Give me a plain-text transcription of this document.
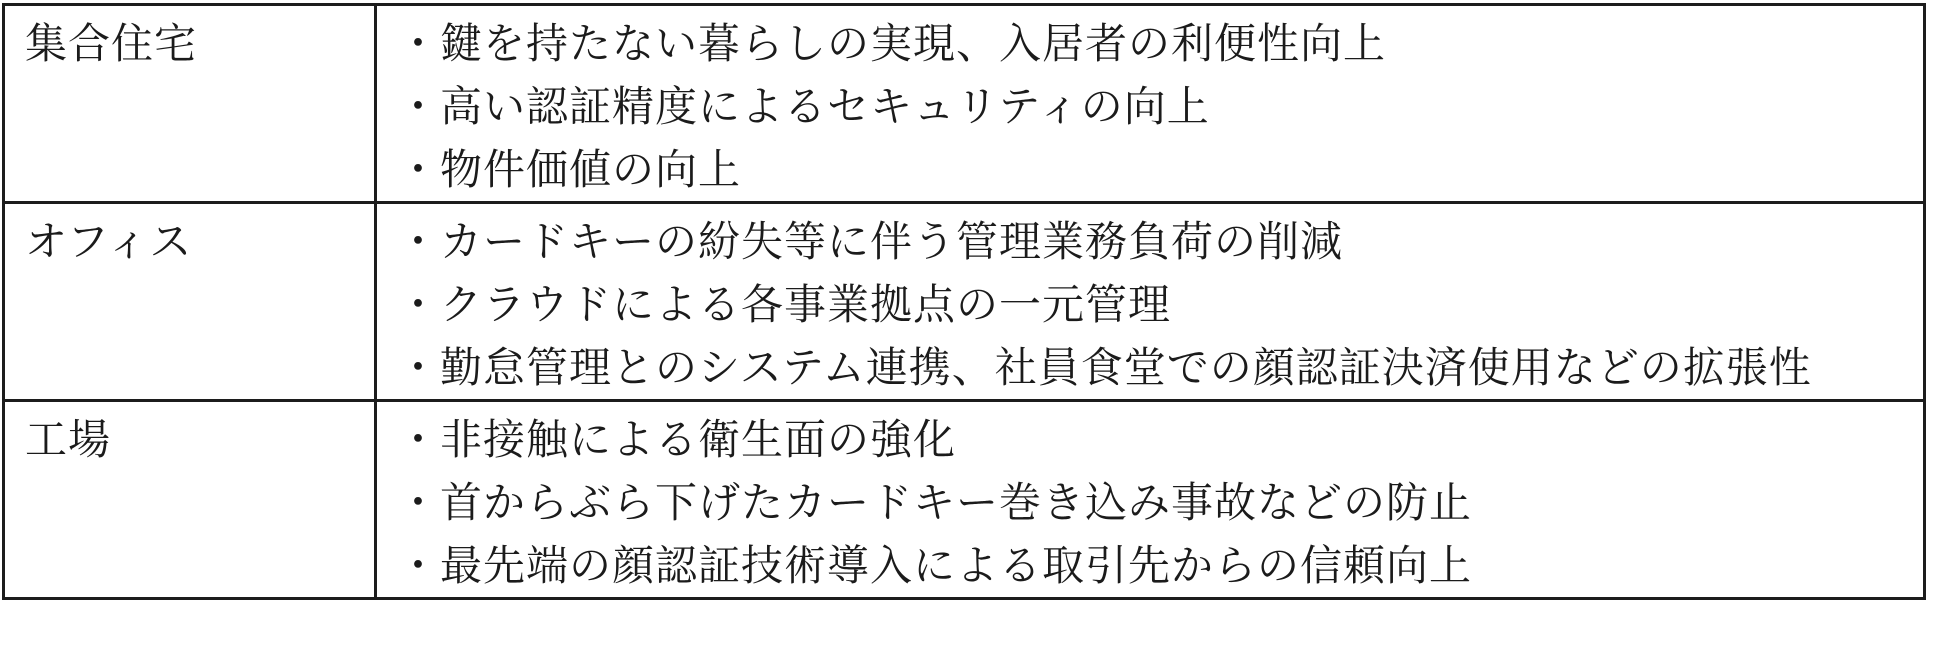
集合住宅	・鍵を持たない暮らしの実現、入居者の利便性向上
・高い認証精度によるセキュリティの向上
・物件価値の向上

オフィス	・カードキーの紛失等に伴う管理業務負荷の削減
・クラウドによる各事業拠点の一元管理
・勤怠管理とのシステム連携、社員食堂での顔認証決済使用などの拡張性

工場	・非接触による衛生面の強化
・首からぶら下げたカードキー巻き込み事故などの防止
・最先端の顔認証技術導入による取引先からの信頼向上
